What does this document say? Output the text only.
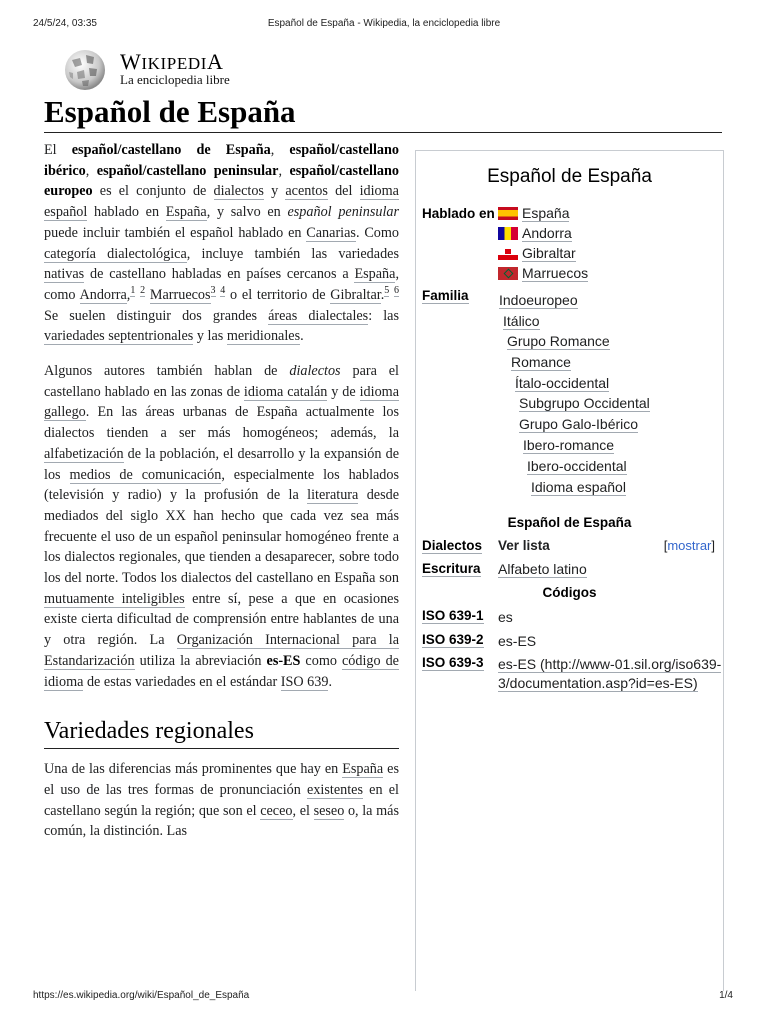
24/5/24, 03:35	Español de España - Wikipedia, la enciclopedia libre
WIKIPEDIA
La enciclopedia libre
Español de España

El español/castellano de España, español/castellano ibérico, español/castellano peninsular, español/castellano europeo es el conjunto de dialectos y acentos del idioma español hablado en España, y salvo en español peninsular puede incluir también el español hablado en Canarias. Como categoría dialectológica, incluye también las variedades nativas de castellano habladas en países cercanos a España, como Andorra,$^1$ $^2$ Marruecos$^3$ $^4$ o el territorio de Gibraltar.$^5$ $^6$ Se suelen distinguir dos grandes áreas dialectales: las variedades septentrionales y las meridionales.

Algunos autores también hablan de dialectos para el castellano hablado en las zonas de idioma catalán y de idioma gallego. En las áreas urbanas de España actualmente los dialectos tienden a ser más homogéneos; además, la alfabetización de la población, el desarrollo y la expansión de los medios de comunicación, especialmente los hablados (televisión y radio) y la profusión de la literatura desde mediados del siglo XX han hecho que cada vez sea más frecuente el uso de un español peninsular homogéneo frente a los dialectos regionales, que tienden a desaparecer, sobre todo los del norte. Todos los dialectos del castellano en España son mutuamente inteligibles entre sí, pese a que en ocasiones existe cierta dificultad de comprensión entre hablantes de una y otra región. La Organización Internacional para la Estandarización utiliza la abreviación es-ES como código de idioma de estas variedades en el estándar ISO 639.

Variedades regionales

Una de las diferencias más prominentes que hay en España es el uso de las tres formas de pronunciación existentes en el castellano según la región; que son el ceceo, el seseo o, la más común, la distinción. Las

Español de España
Hablado en	España
Andorra
Gibraltar
Marruecos
Familia Indoeuropeo
Itálico
Grupo Romance
Romance
Ítalo-occidental
Subgrupo Occidental
Grupo Galo-Ibérico
Ibero-romance
Ibero-occidental
Idioma español
Español de España
Dialectos Ver lista	[mostrar]
Escritura Alfabeto latino
Códigos
ISO 639-1 es
ISO 639-2 es-ES
ISO 639-3 es-ES (http://www-01.sil.org/iso639-
3/documentation.asp?id=es-ES)
https://es.wikipedia.org/wiki/Español_de_España	1/4
